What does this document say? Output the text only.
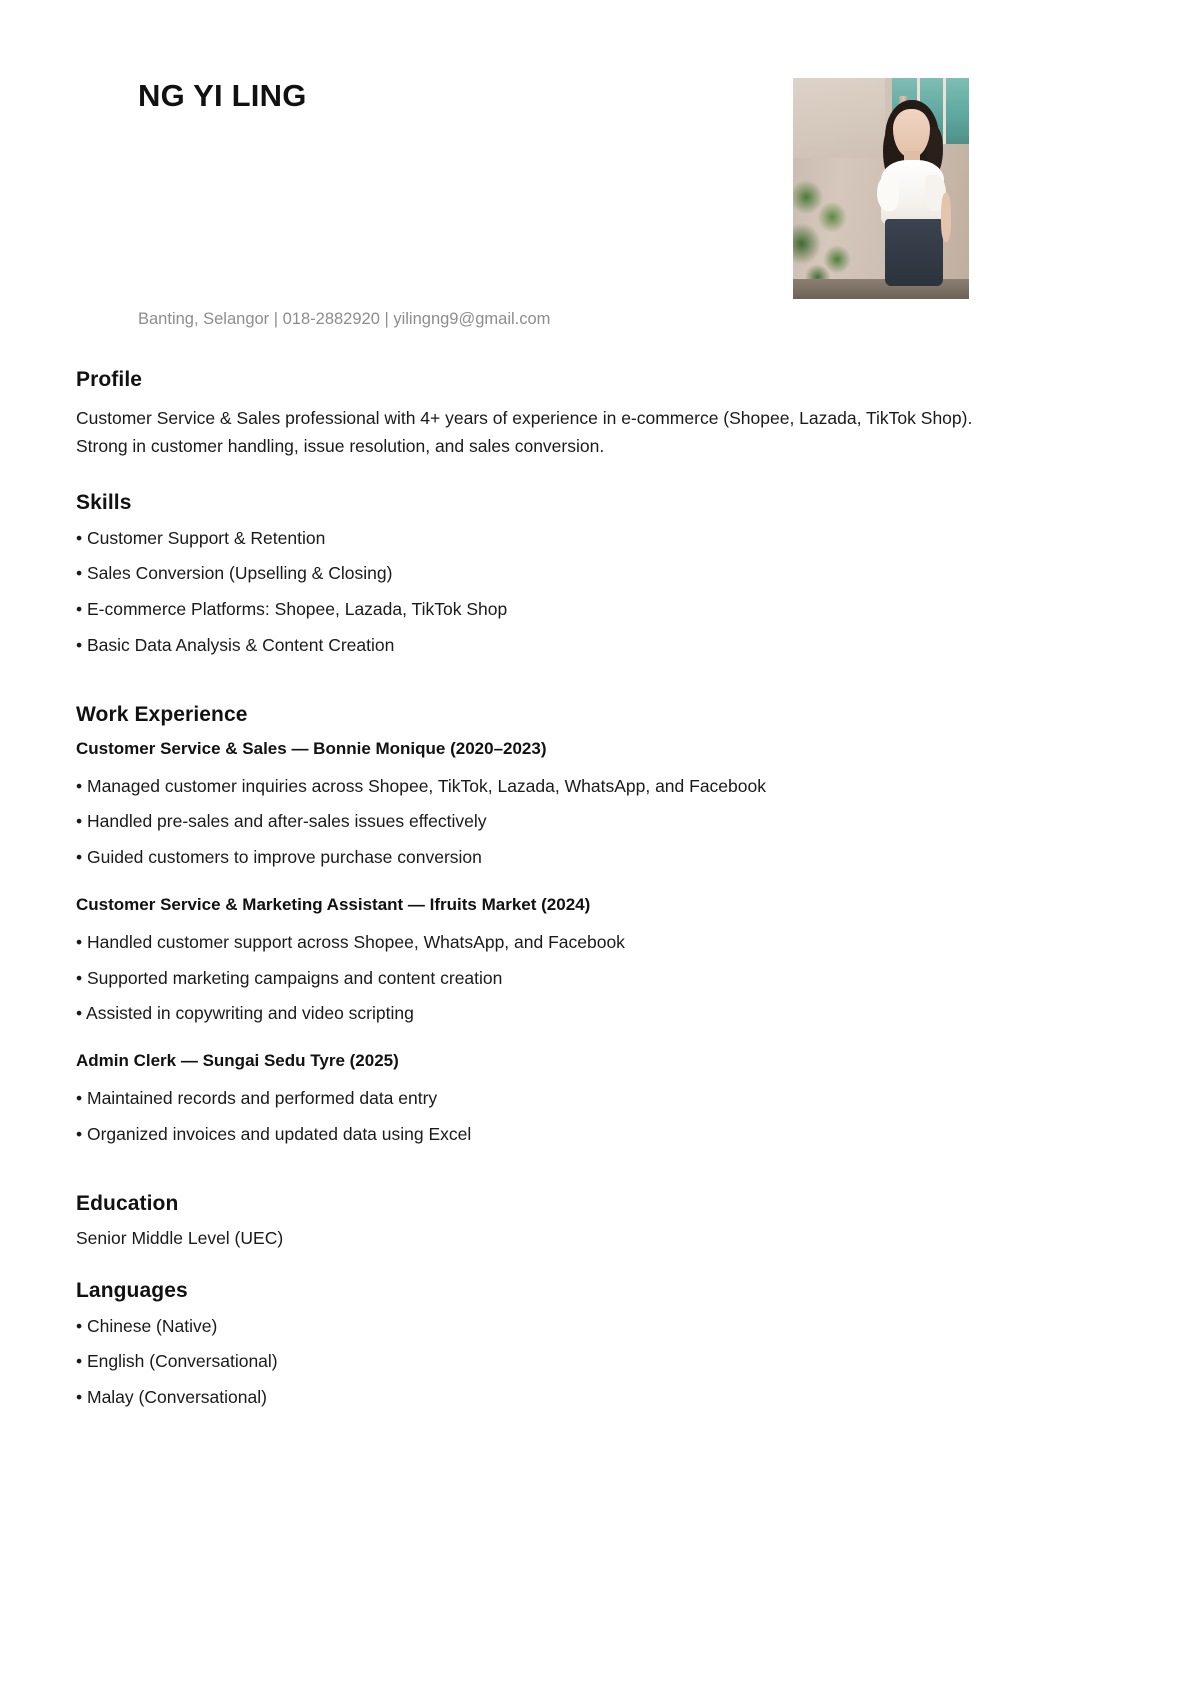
NG YI LING
Banting, Selangor | 018-2882920 | yilingng9@gmail.com
Profile

Customer Service & Sales professional with 4+ years of experience in e-commerce (Shopee, Lazada, TikTok Shop). Strong in customer handling, issue resolution, and sales conversion.

Skills
• Customer Support & Retention
• Sales Conversion (Upselling & Closing)
• E-commerce Platforms: Shopee, Lazada, TikTok Shop
• Basic Data Analysis & Content Creation
Work Experience
Customer Service & Sales — Bonnie Monique (2020–2023)
• Managed customer inquiries across Shopee, TikTok, Lazada, WhatsApp, and Facebook
• Handled pre-sales and after-sales issues effectively
• Guided customers to improve purchase conversion
Customer Service & Marketing Assistant — Ifruits Market (2024)
• Handled customer support across Shopee, WhatsApp, and Facebook
• Supported marketing campaigns and content creation
• Assisted in copywriting and video scripting
Admin Clerk — Sungai Sedu Tyre (2025)
• Maintained records and performed data entry
• Organized invoices and updated data using Excel
Education

Senior Middle Level (UEC)

Languages
• Chinese (Native)
• English (Conversational)
• Malay (Conversational)
